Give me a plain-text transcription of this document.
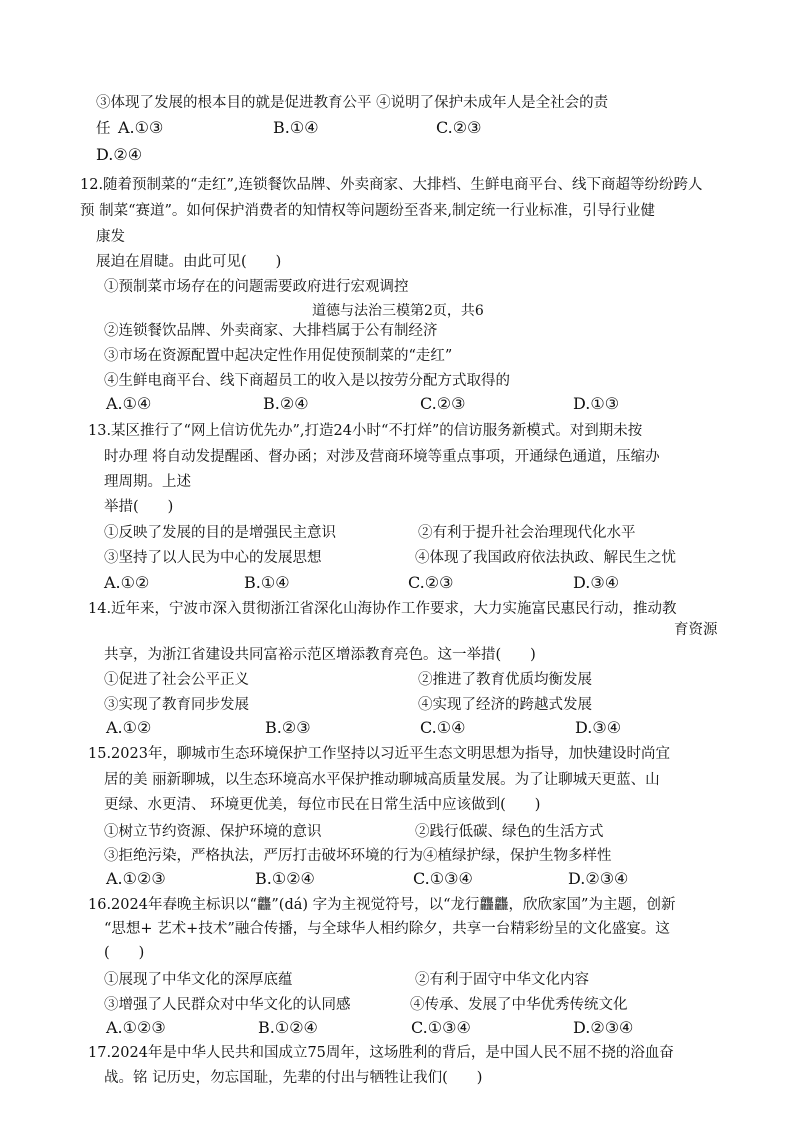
③体现了发展的根本目的就是促进教育公平 ④说明了保护未成年人是全社会的责
任 A.①③	B.①④	C.②③
D.②④
12.随着预制菜的“走红”,连锁餐饮品牌、外卖商家、大排档、生鲜电商平台、线下商超等纷纷跨人
预 制菜“赛道”。如何保护消费者的知情权等问题纷至沓来,制定统一行业标准，引导行业健
康发
展迫在眉睫。由此可见(　　)
①预制菜市场存在的问题需要政府进行宏观调控
道德与法治三模第2页，共6
②连锁餐饮品牌、外卖商家、大排档属于公有制经济
③市场在资源配置中起决定性作用促使预制菜的“走红”
④生鲜电商平台、线下商超员工的收入是以按劳分配方式取得的
A.①④	B.②④	C.②③	D.①③
13.某区推行了“网上信访优先办”,打造24小时“不打烊”的信访服务新模式。对到期未按
时办理 将自动发提醒函、督办函；对涉及营商环境等重点事项，开通绿色通道，压缩办
理周期。上述
举措(　　)
①反映了发展的目的是增强民主意识	②有利于提升社会治理现代化水平
③坚持了以人民为中心的发展思想	④体现了我国政府依法执政、解民生之忧
A.①②	B.①④	C.②③	D.③④
14.近年来，宁波市深入贯彻浙江省深化山海协作工作要求，大力实施富民惠民行动，推动教
育资源
共享，为浙江省建设共同富裕示范区增添教育亮色。这一举措(　　)
①促进了社会公平正义	②推进了教育优质均衡发展
③实现了教育同步发展	④实现了经济的跨越式发展
A.①②	B.②③	C.①④	D.③④
15.2023年，聊城市生态环境保护工作坚持以习近平生态文明思想为指导，加快建设时尚宜
居的美 丽新聊城，以生态环境高水平保护推动聊城高质量发展。为了让聊城天更蓝、山
更绿、水更清、 环境更优美，每位市民在日常生活中应该做到(　　)
①树立节约资源、保护环境的意识	②践行低碳、绿色的生活方式
③拒绝污染，严格执法，严厉打击破坏环境的行为④植绿护绿，保护生物多样性
A.①②③	B.①②④	C.①③④	D.②③④
16.2024年春晚主标识以“龘”(dá) 字为主视觉符号，以“龙行龘龘，欣欣家国”为主题，创新
“思想+ 艺术+技术”融合传播，与全球华人相约除夕，共享一台精彩纷呈的文化盛宴。这
(　　)
①展现了中华文化的深厚底蕴	②有利于固守中华文化内容
③增强了人民群众对中华文化的认同感	④传承、发展了中华优秀传统文化
A.①②③	B.①②④	C.①③④	D.②③④
17.2024年是中华人民共和国成立75周年，这场胜利的背后，是中国人民不屈不挠的浴血奋
战。铭 记历史，勿忘国耻，先辈的付出与牺牲让我们(　　)
